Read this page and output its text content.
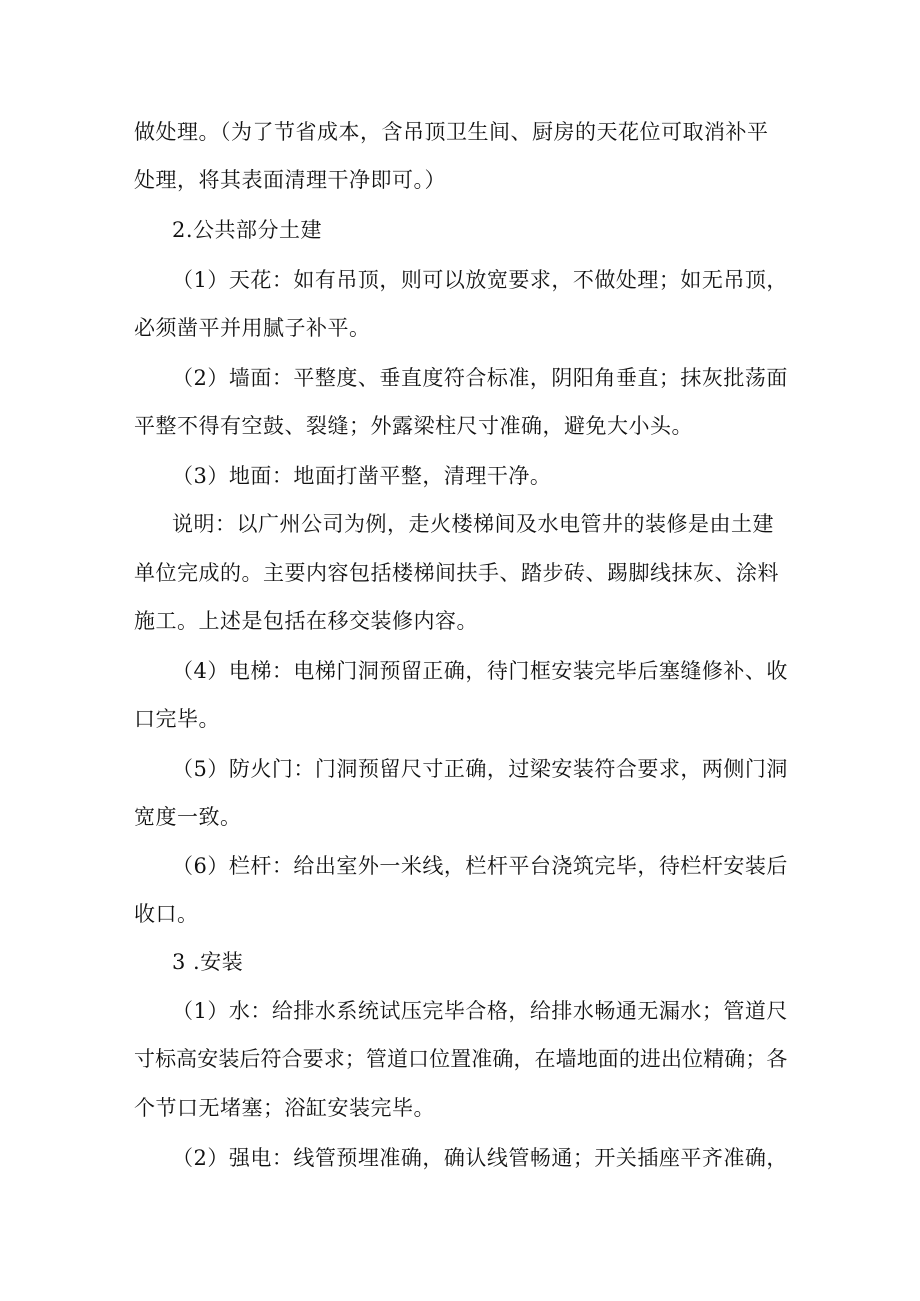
做处理。（为了节省成本，含吊顶卫生间、厨房的天花位可取消补平
处理，将其表面清理干净即可。）
2.公共部分土建
（1）天花：如有吊顶，则可以放宽要求，不做处理；如无吊顶，
必须凿平并用腻子补平。
（2）墙面：平整度、垂直度符合标准，阴阳角垂直；抹灰批荡面
平整不得有空鼓、裂缝；外露梁柱尺寸准确，避免大小头。
（3）地面：地面打凿平整，清理干净。
说明：以广州公司为例，走火楼梯间及水电管井的装修是由土建
单位完成的。主要内容包括楼梯间扶手、踏步砖、踢脚线抹灰、涂料
施工。上述是包括在移交装修内容。
（4）电梯：电梯门洞预留正确，待门框安装完毕后塞缝修补、收
口完毕。
（5）防火门：门洞预留尺寸正确，过梁安装符合要求，两侧门洞
宽度一致。
（6）栏杆：给出室外一米线，栏杆平台浇筑完毕，待栏杆安装后
收口。
3 .安装
（1）水：给排水系统试压完毕合格，给排水畅通无漏水；管道尺
寸标高安装后符合要求；管道口位置准确，在墙地面的进出位精确；各
个节口无堵塞；浴缸安装完毕。
（2）强电：线管预埋准确，确认线管畅通；开关插座平齐准确，
